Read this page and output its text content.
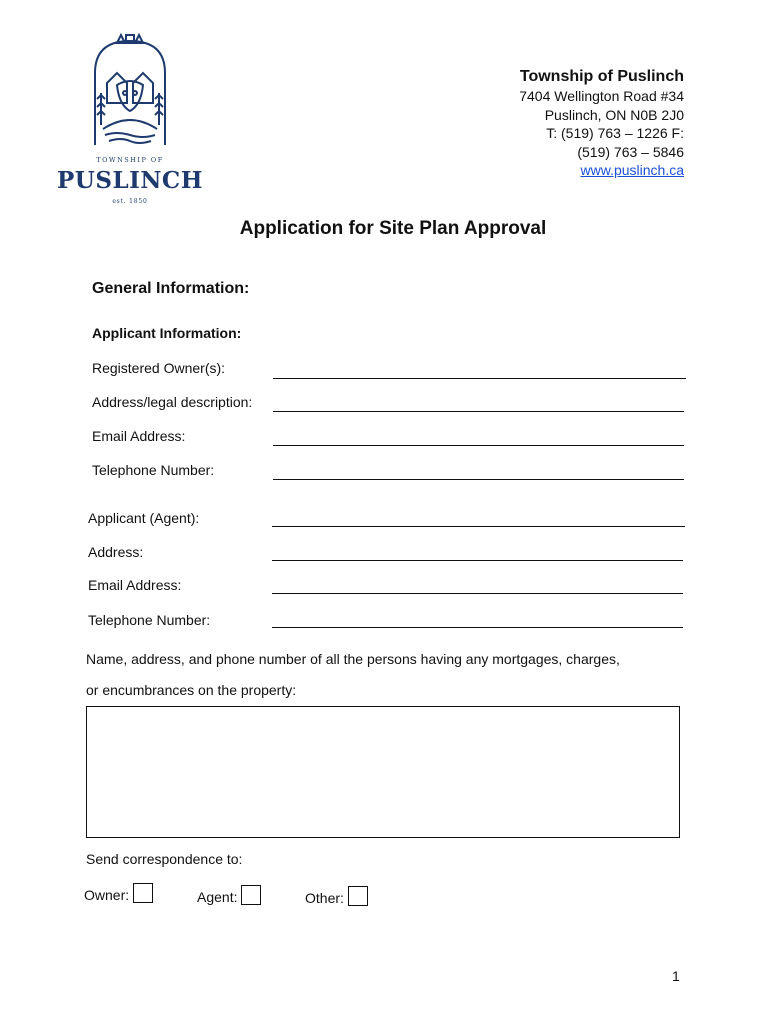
TOWNSHIP OF
PUSLINCH
est. 1850
Township of Puslinch
7404 Wellington Road #34
Puslinch, ON N0B 2J0
T: (519) 763 – 1226 F:
(519) 763 – 5846
www.puslinch.ca
Application for Site Plan Approval
General Information:
Applicant Information:
Registered Owner(s):
Address/legal description:
Email Address:
Telephone Number:
Applicant (Agent):
Address:
Email Address:
Telephone Number:
Name, address, and phone number of all the persons having any mortgages, charges,
or encumbrances on the property:
Send correspondence to:
Owner:	Agent:	Other:
1
